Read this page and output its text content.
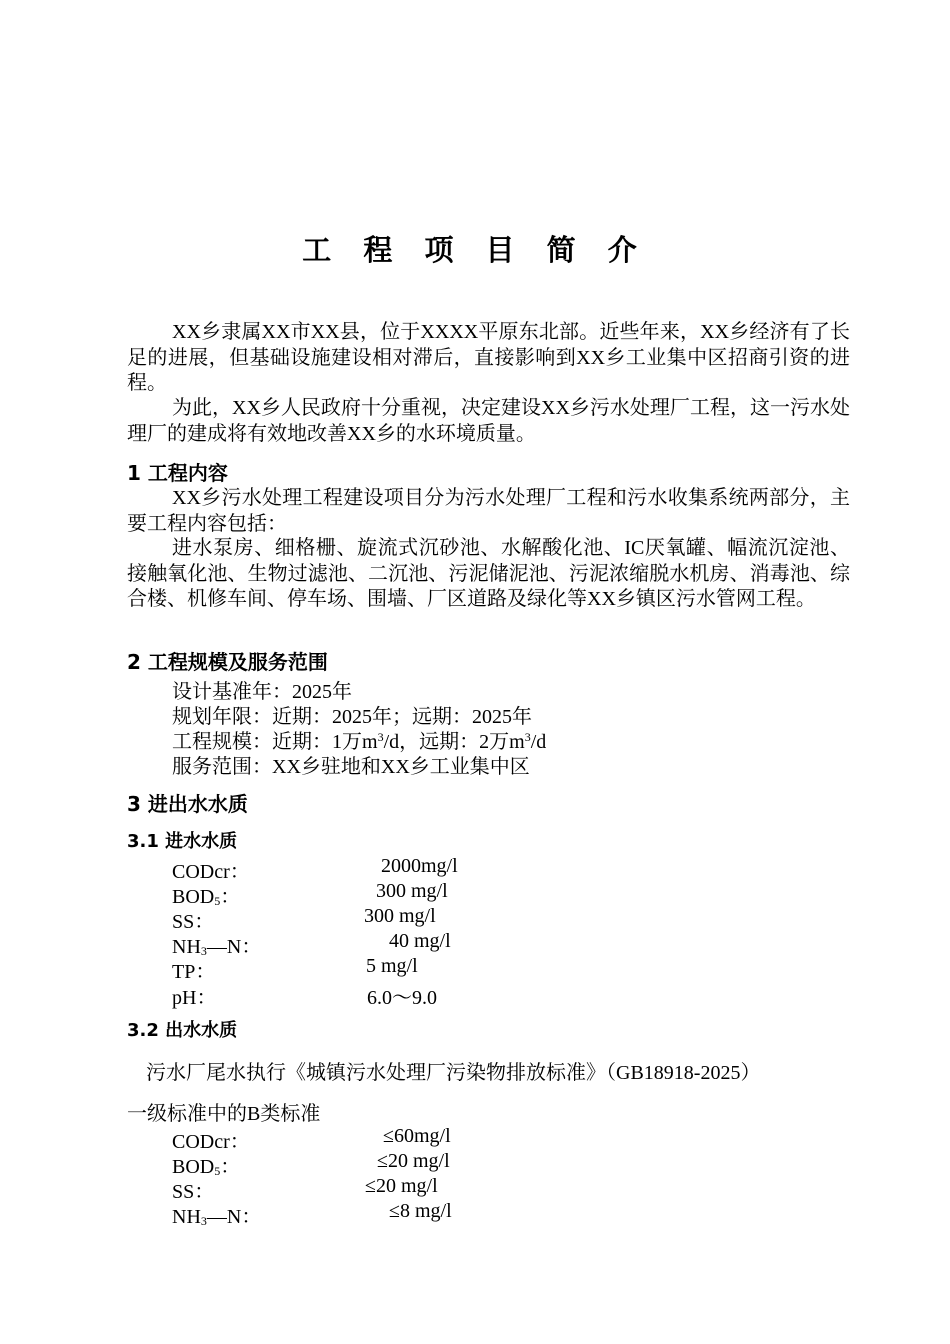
工 程 项 目 简 介

XX乡隶属XX市XX县，位于XXXX平原东北部。近些年来，XX乡经济有了长足的进展，但基础设施建设相对滞后，直接影响到XX乡工业集中区招商引资的进程。

为此，XX乡人民政府十分重视，决定建设XX乡污水处理厂工程，这一污水处理厂的建成将有效地改善XX乡的水环境质量。

1 工程内容

XX乡污水处理工程建设项目分为污水处理厂工程和污水收集系统两部分，主要工程内容包括：

进水泵房、细格栅、旋流式沉砂池、水解酸化池、IC厌氧罐、幅流沉淀池、接触氧化池、生物过滤池、二沉池、污泥储泥池、污泥浓缩脱水机房、消毒池、综合楼、机修车间、停车场、围墙、厂区道路及绿化等XX乡镇区污水管网工程。

2 工程规模及服务范围
设计基准年：2025年
规划年限：近期：2025年；远期：2025年
工程规模：近期：1万$m^3/d$，远期：2万$m^3/d$
服务范围：XX乡驻地和XX乡工业集中区
3 进出水水质
3.1 进水水质
CODcr：	2000mg/l
$BOD_5$：	300 mg/l
SS：	300 mg/l
$NH_3—N$：	40 mg/l
TP：	5 mg/l
pH：	6.0～9.0
3.2 出水水质
污水厂尾水执行《城镇污水处理厂污染物排放标准》（GB18918-2025）
一级标准中的B类标准
CODcr：	≤60mg/l
$BOD_5$：	≤20 mg/l
SS：	≤20 mg/l
$NH_3—N$：	≤8 mg/l
